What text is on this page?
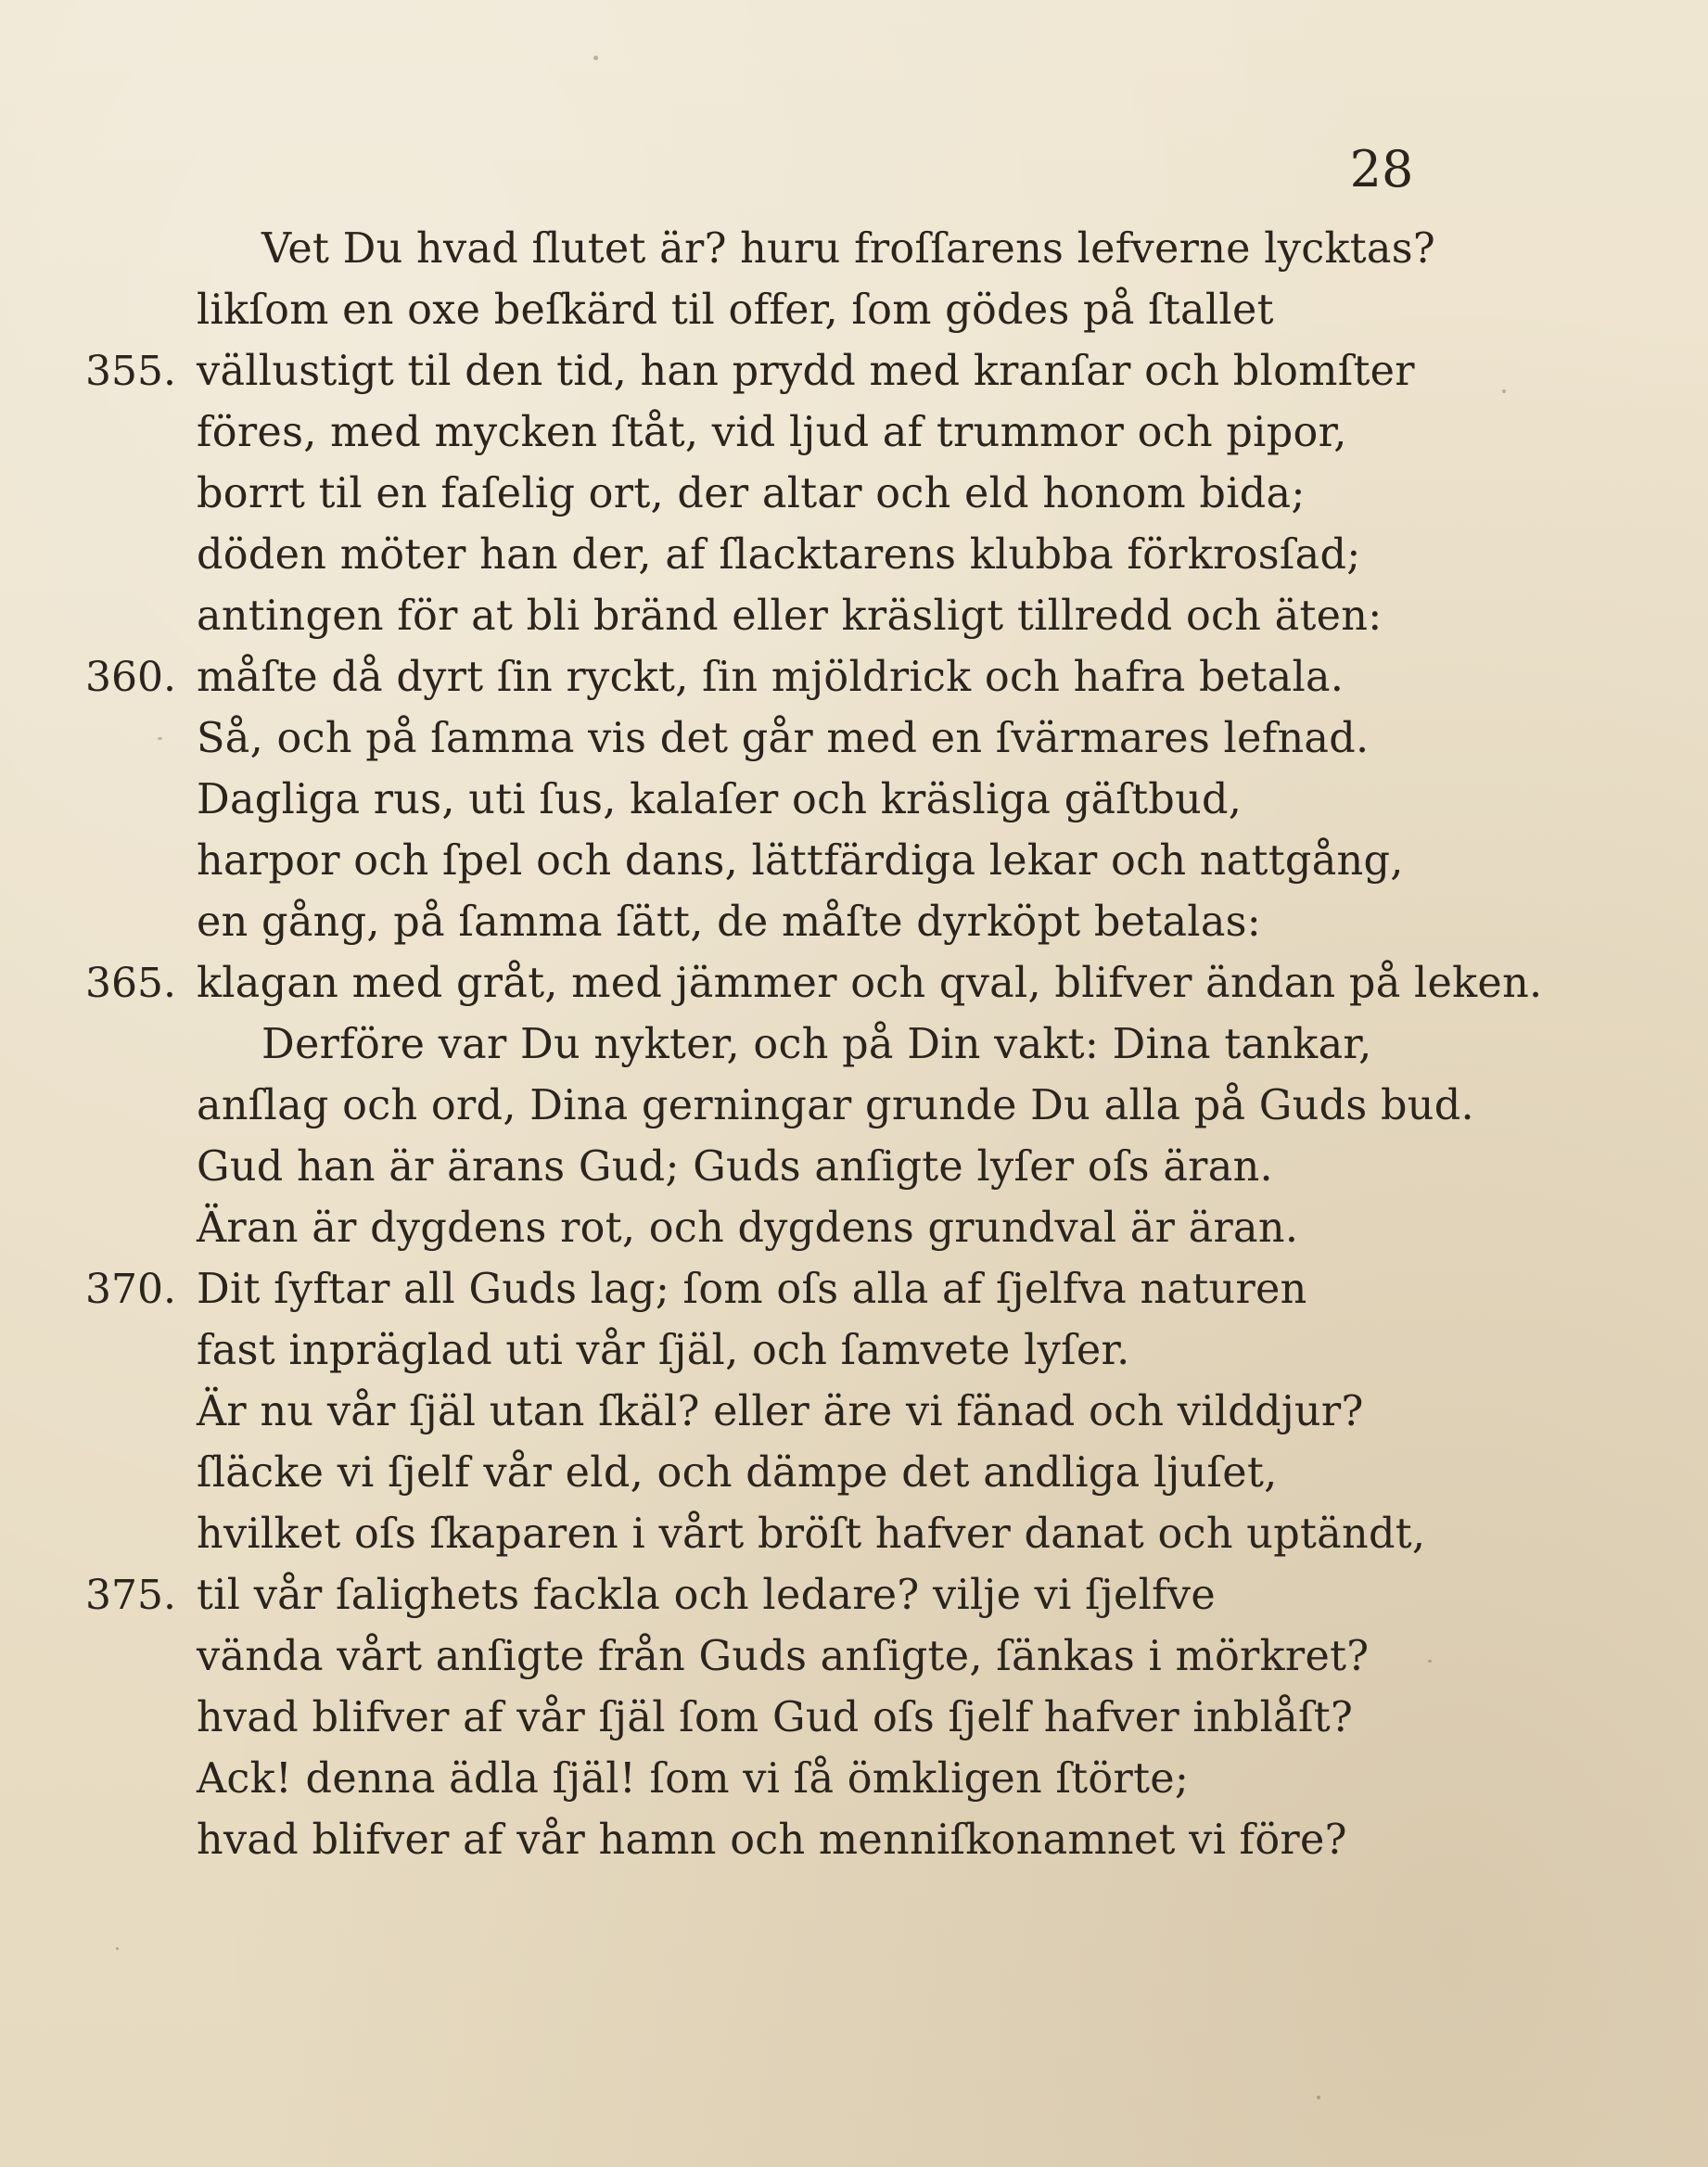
28
Vet Du hvad ſlutet är? huru froſſarens lefverne lycktas?
likſom en oxe beſkärd til offer, ſom gödes på ſtallet
355. vällustigt til den tid, han prydd med kranſar och blomſter
föres, med mycken ſtåt, vid ljud af trummor och pipor,
borrt til en faſelig ort, der altar och eld honom bida;
döden möter han der, af ſlacktarens klubba förkrosſad;
antingen för at bli bränd eller kräsligt tillredd och äten:
360. måſte då dyrt ſin ryckt, ſin mjöldrick och hafra betala.
Så, och på ſamma vis det går med en ſvärmares lefnad.
Dagliga rus, uti ſus, kalaſer och kräsliga gäſtbud,
harpor och ſpel och dans, lättfärdiga lekar och nattgång,
en gång, på ſamma ſätt, de måſte dyrköpt betalas:
365. klagan med gråt, med jämmer och qval, blifver ändan på leken.
Derföre var Du nykter, och på Din vakt: Dina tankar,
anſlag och ord, Dina gerningar grunde Du alla på Guds bud.
Gud han är ärans Gud; Guds anſigte lyſer oſs äran.
Äran är dygdens rot, och dygdens grundval är äran.
370. Dit ſyftar all Guds lag; ſom oſs alla af ſjelfva naturen
fast inpräglad uti vår ſjäl, och ſamvete lyſer.
Är nu vår ſjäl utan ſkäl? eller äre vi fänad och vilddjur?
ſläcke vi ſjelf vår eld, och dämpe det andliga ljuſet,
hvilket oſs ſkaparen i vårt bröſt hafver danat och uptändt,
375. til vår ſalighets fackla och ledare? vilje vi ſjelfve
vända vårt anſigte från Guds anſigte, ſänkas i mörkret?
hvad blifver af vår ſjäl ſom Gud oſs ſjelf hafver inblåſt?
Ack! denna ädla ſjäl! ſom vi ſå ömkligen ſtörte;
hvad blifver af vår hamn och menniſkonamnet vi före?
